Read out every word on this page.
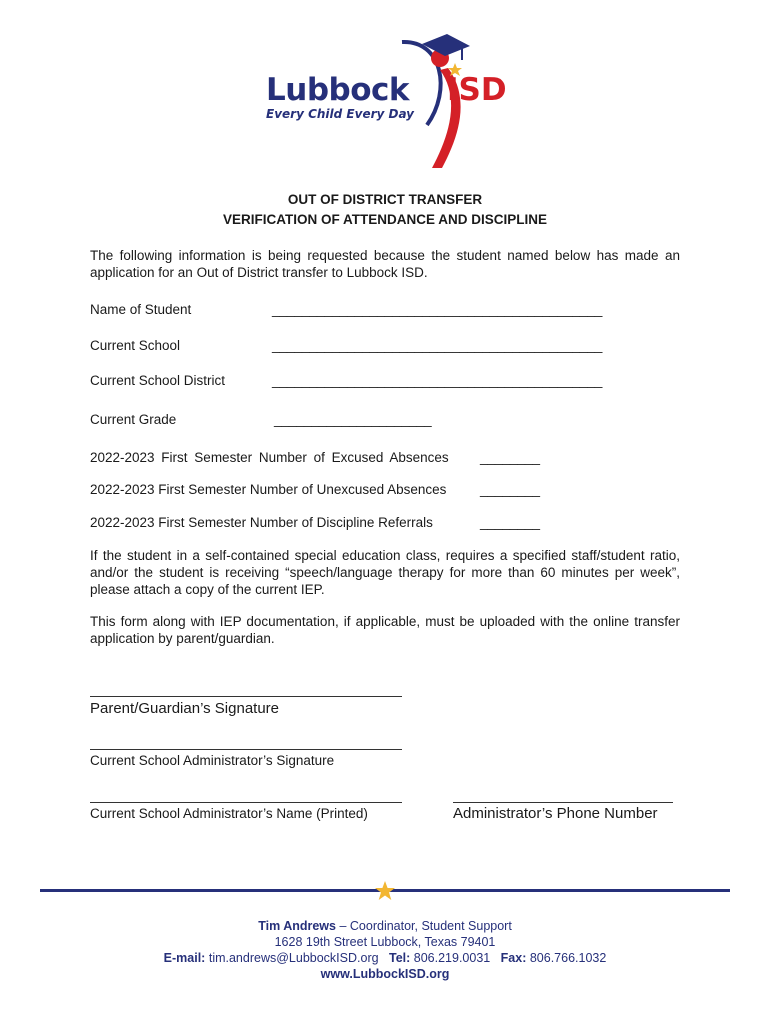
Lubbock ISD
Every Child Every Day
OUT OF DISTRICT TRANSFER
VERIFICATION OF ATTENDANCE AND DISCIPLINE
The following information is being requested because the student named below has made an application for an Out of District transfer to Lubbock ISD.
Name of Student	____________________________________________
Current School	____________________________________________
Current School District	____________________________________________
Current Grade	_____________________
2022-2023 First Semester Number of Excused Absences ________
2022-2023 First Semester Number of Unexcused Absences ________
2022-2023 First Semester Number of Discipline Referrals	________
If the student in a self-contained special education class, requires a specified staff/student ratio, and/or the student is receiving “speech/language therapy for more than 60 minutes per week”, please attach a copy of the current IEP.
This form along with IEP documentation, if applicable, must be uploaded with the online transfer application by parent/guardian.
Parent/Guardian’s Signature
Current School Administrator’s Signature
Current School Administrator’s Name (Printed)	Administrator’s Phone Number
Tim Andrews – Coordinator, Student Support
1628 19th Street Lubbock, Texas 79401
E-mail: tim.andrews@LubbockISD.org Tel: 806.219.0031 Fax: 806.766.1032
www.LubbockISD.org
